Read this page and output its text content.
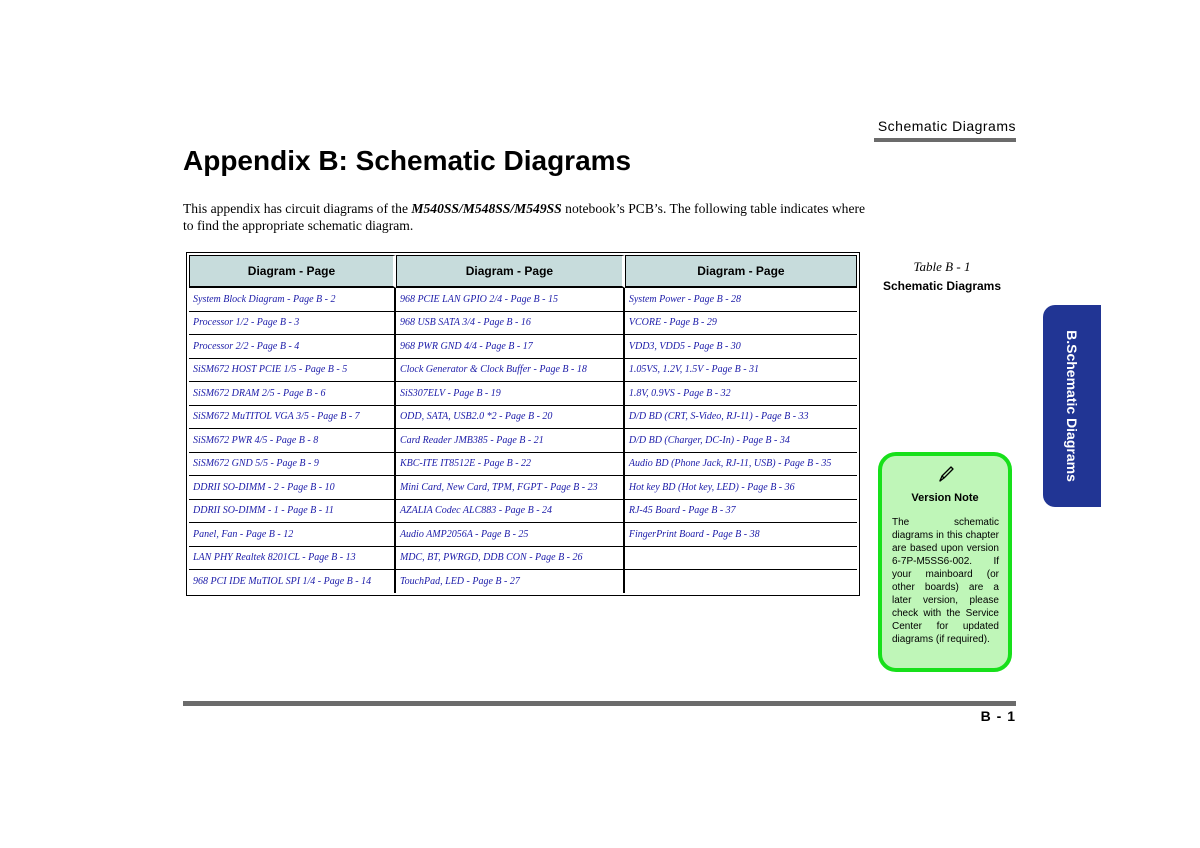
Schematic Diagrams
Appendix B: Schematic Diagrams

This appendix has circuit diagrams of the M540SS/M548SS/M549SS notebook’s PCB’s. The following table indicates where to find the appropriate schematic diagram.

Diagram - Page	Diagram - Page	Diagram - Page
System Block Diagram - Page B - 2	968 PCIE LAN GPIO 2/4 - Page B - 15	System Power - Page B - 28
Processor 1/2 - Page B - 3	968 USB SATA 3/4 - Page B - 16	VCORE - Page B - 29
Processor 2/2 - Page B - 4	968 PWR GND 4/4 - Page B - 17	VDD3, VDD5 - Page B - 30
SiSM672 HOST PCIE 1/5 - Page B - 5	Clock Generator & Clock Buffer - Page B - 18	1.05VS, 1.2V, 1.5V - Page B - 31
SiSM672 DRAM 2/5 - Page B - 6	SiS307ELV - Page B - 19	1.8V, 0.9VS - Page B - 32
SiSM672 MuTITOL VGA 3/5 - Page B - 7	ODD, SATA, USB2.0 *2 - Page B - 20	D/D BD (CRT, S-Video, RJ-11) - Page B - 33
SiSM672 PWR 4/5 - Page B - 8	Card Reader JMB385 - Page B - 21	D/D BD (Charger, DC-In) - Page B - 34
SiSM672 GND 5/5 - Page B - 9	KBC-ITE IT8512E - Page B - 22	Audio BD (Phone Jack, RJ-11, USB) - Page B - 35
DDRII SO-DIMM - 2 - Page B - 10	Mini Card, New Card, TPM, FGPT - Page B - 23	Hot key BD (Hot key, LED) - Page B - 36
DDRII SO-DIMM - 1 - Page B - 11	AZALIA Codec ALC883 - Page B - 24	RJ-45 Board - Page B - 37
Panel, Fan - Page B - 12	Audio AMP2056A - Page B - 25	FingerPrint Board - Page B - 38
LAN PHY Realtek 8201CL - Page B - 13	MDC, BT, PWRGD, DDB CON - Page B - 26	
968 PCI IDE MuTIOL SPI 1/4 - Page B - 14	TouchPad, LED - Page B - 27	
Table B - 1
Schematic Diagrams
B.Schematic Diagrams
Version Note

The schematic diagrams in this chapter are based upon version 6-7P-M5SS6-002. If your mainboard (or other boards) are a later version, please check with the Service Center for updated diagrams (if required).

B - 1
